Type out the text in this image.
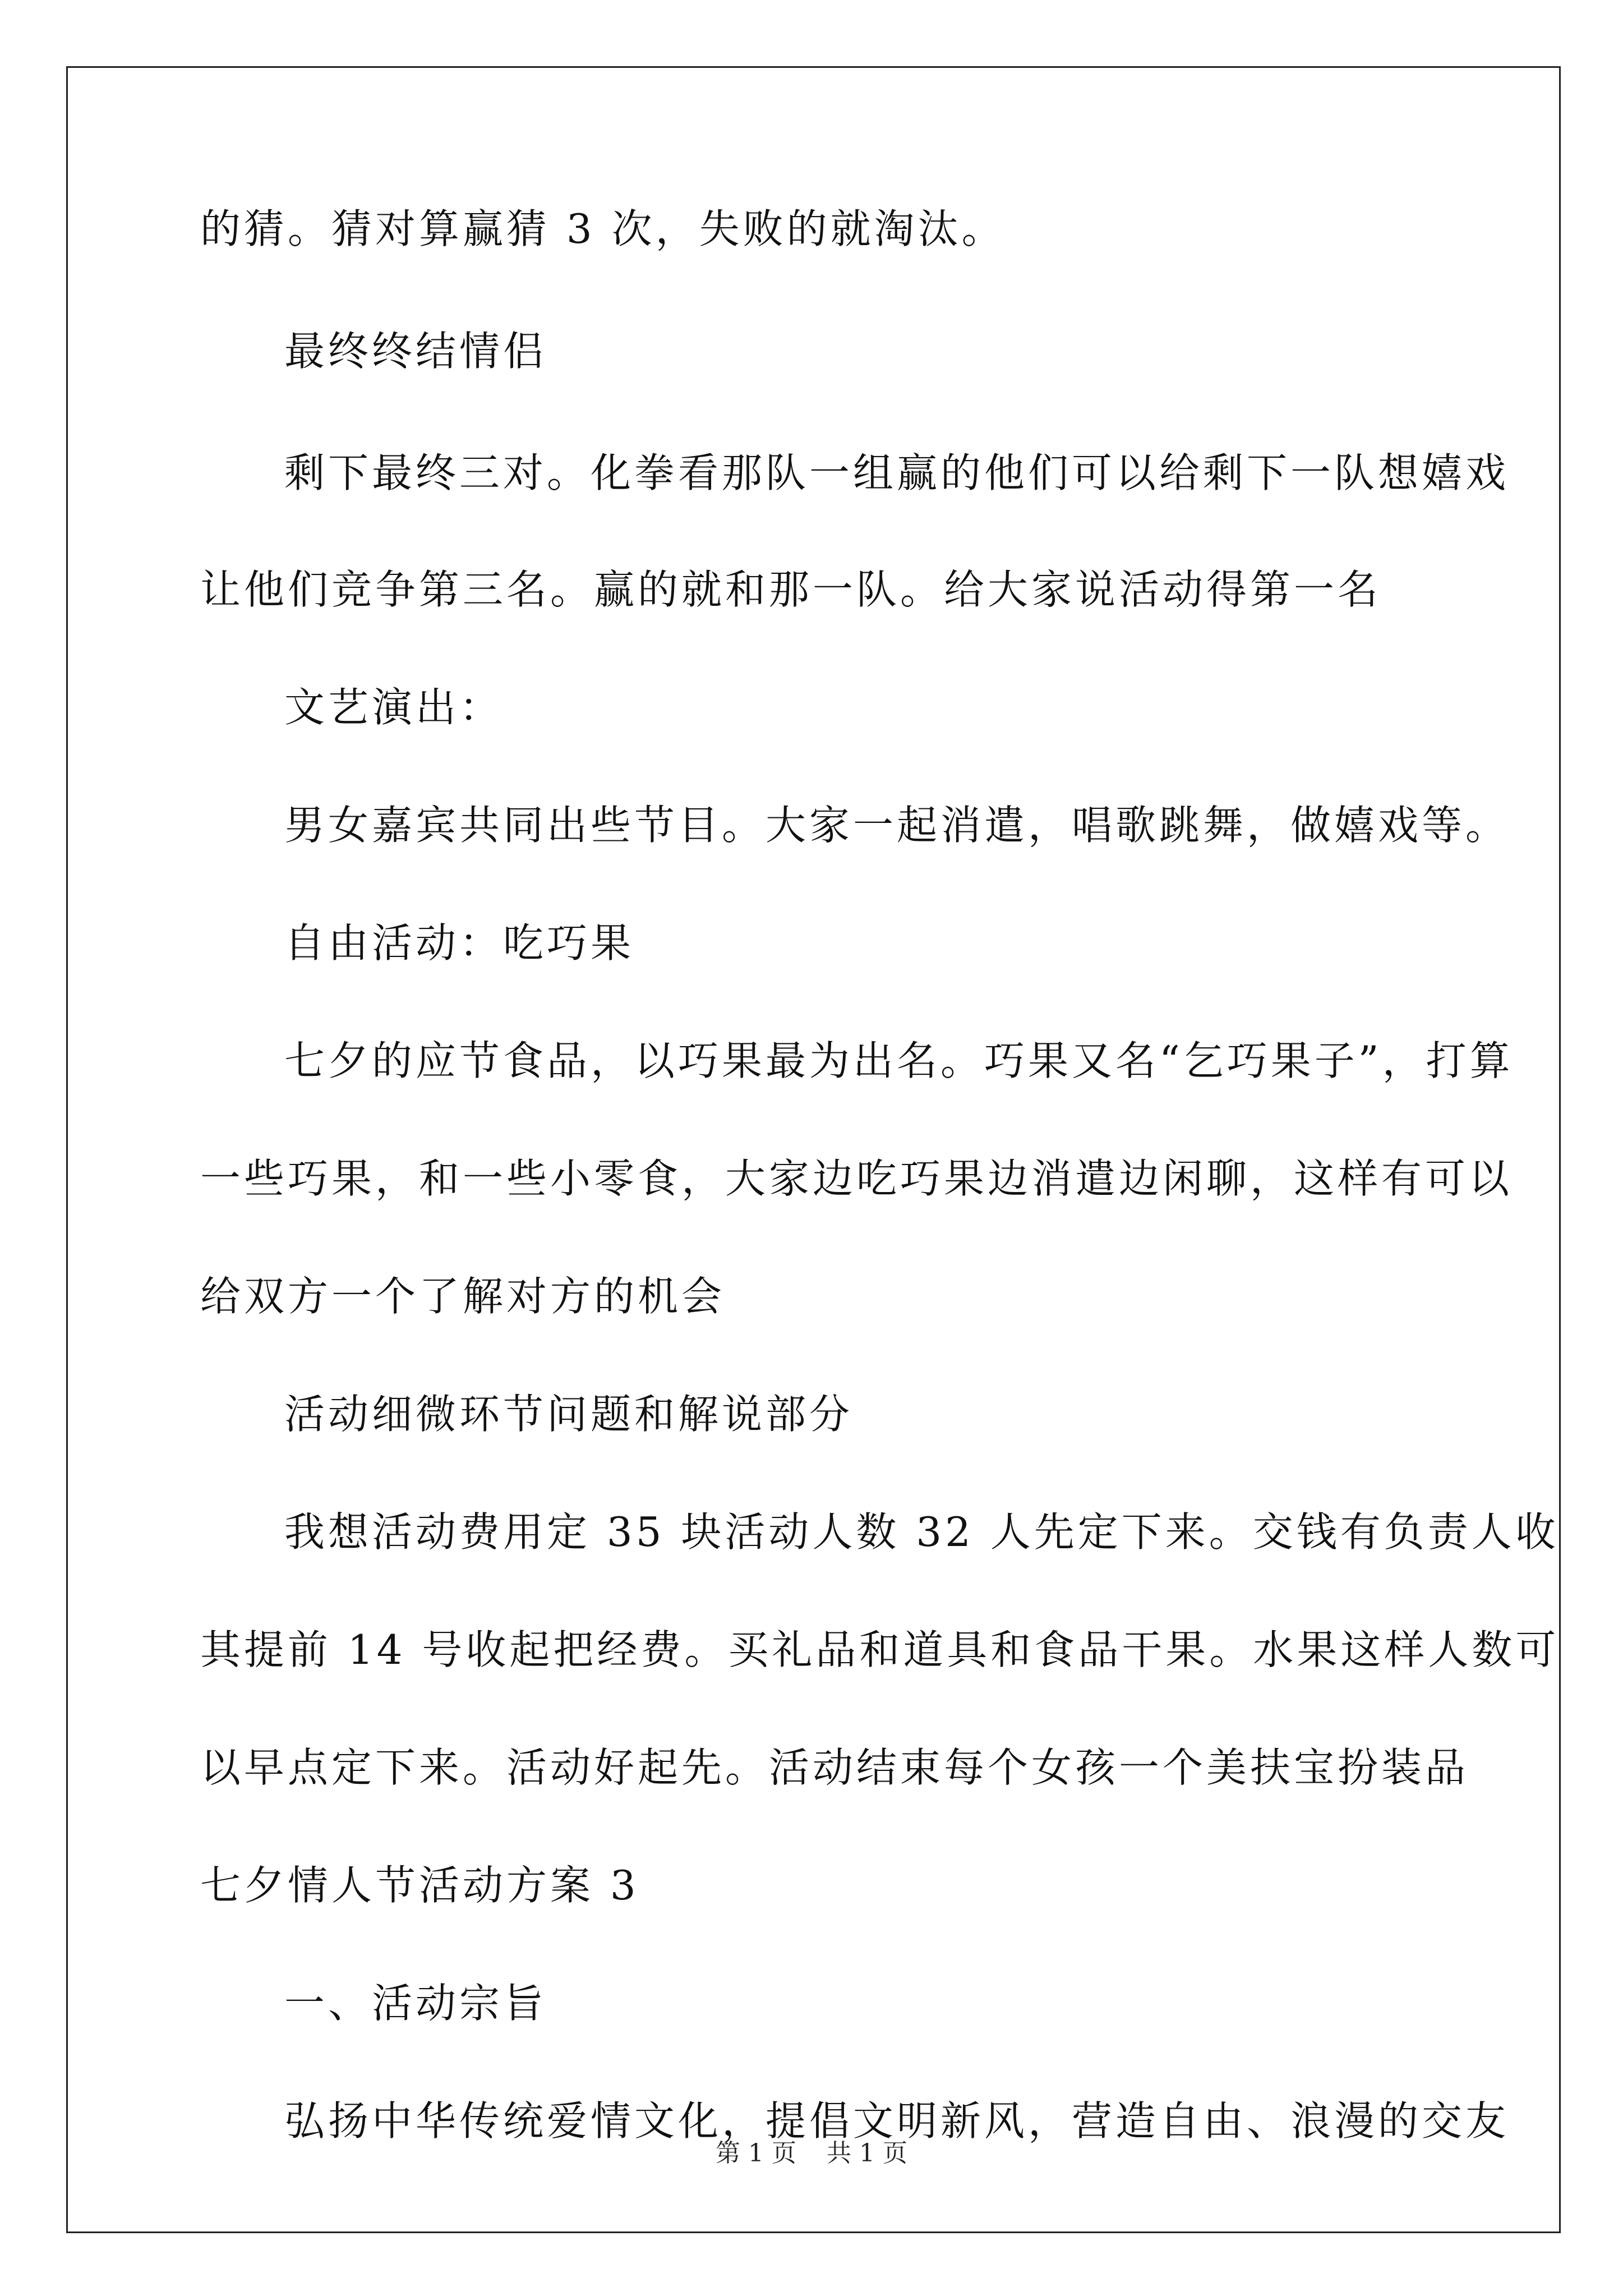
的猜。猜对算赢猜 3 次，失败的就淘汰。
最终终结情侣
剩下最终三对。化拳看那队一组赢的他们可以给剩下一队想嬉戏
让他们竞争第三名。赢的就和那一队。给大家说活动得第一名
文艺演出：
男女嘉宾共同出些节目。大家一起消遣，唱歌跳舞，做嬉戏等。
自由活动：吃巧果
七夕的应节食品，以巧果最为出名。巧果又名“乞巧果子”，打算
一些巧果，和一些小零食，大家边吃巧果边消遣边闲聊，这样有可以
给双方一个了解对方的机会
活动细微环节问题和解说部分
我想活动费用定 35 块活动人数 32 人先定下来。交钱有负责人收
其提前 14 号收起把经费。买礼品和道具和食品干果。水果这样人数可
以早点定下来。活动好起先。活动结束每个女孩一个美扶宝扮装品
七夕情人节活动方案 3
一、活动宗旨
弘扬中华传统爱情文化，提倡文明新风，营造自由、浪漫的交友
第 1 页 共 1 页
